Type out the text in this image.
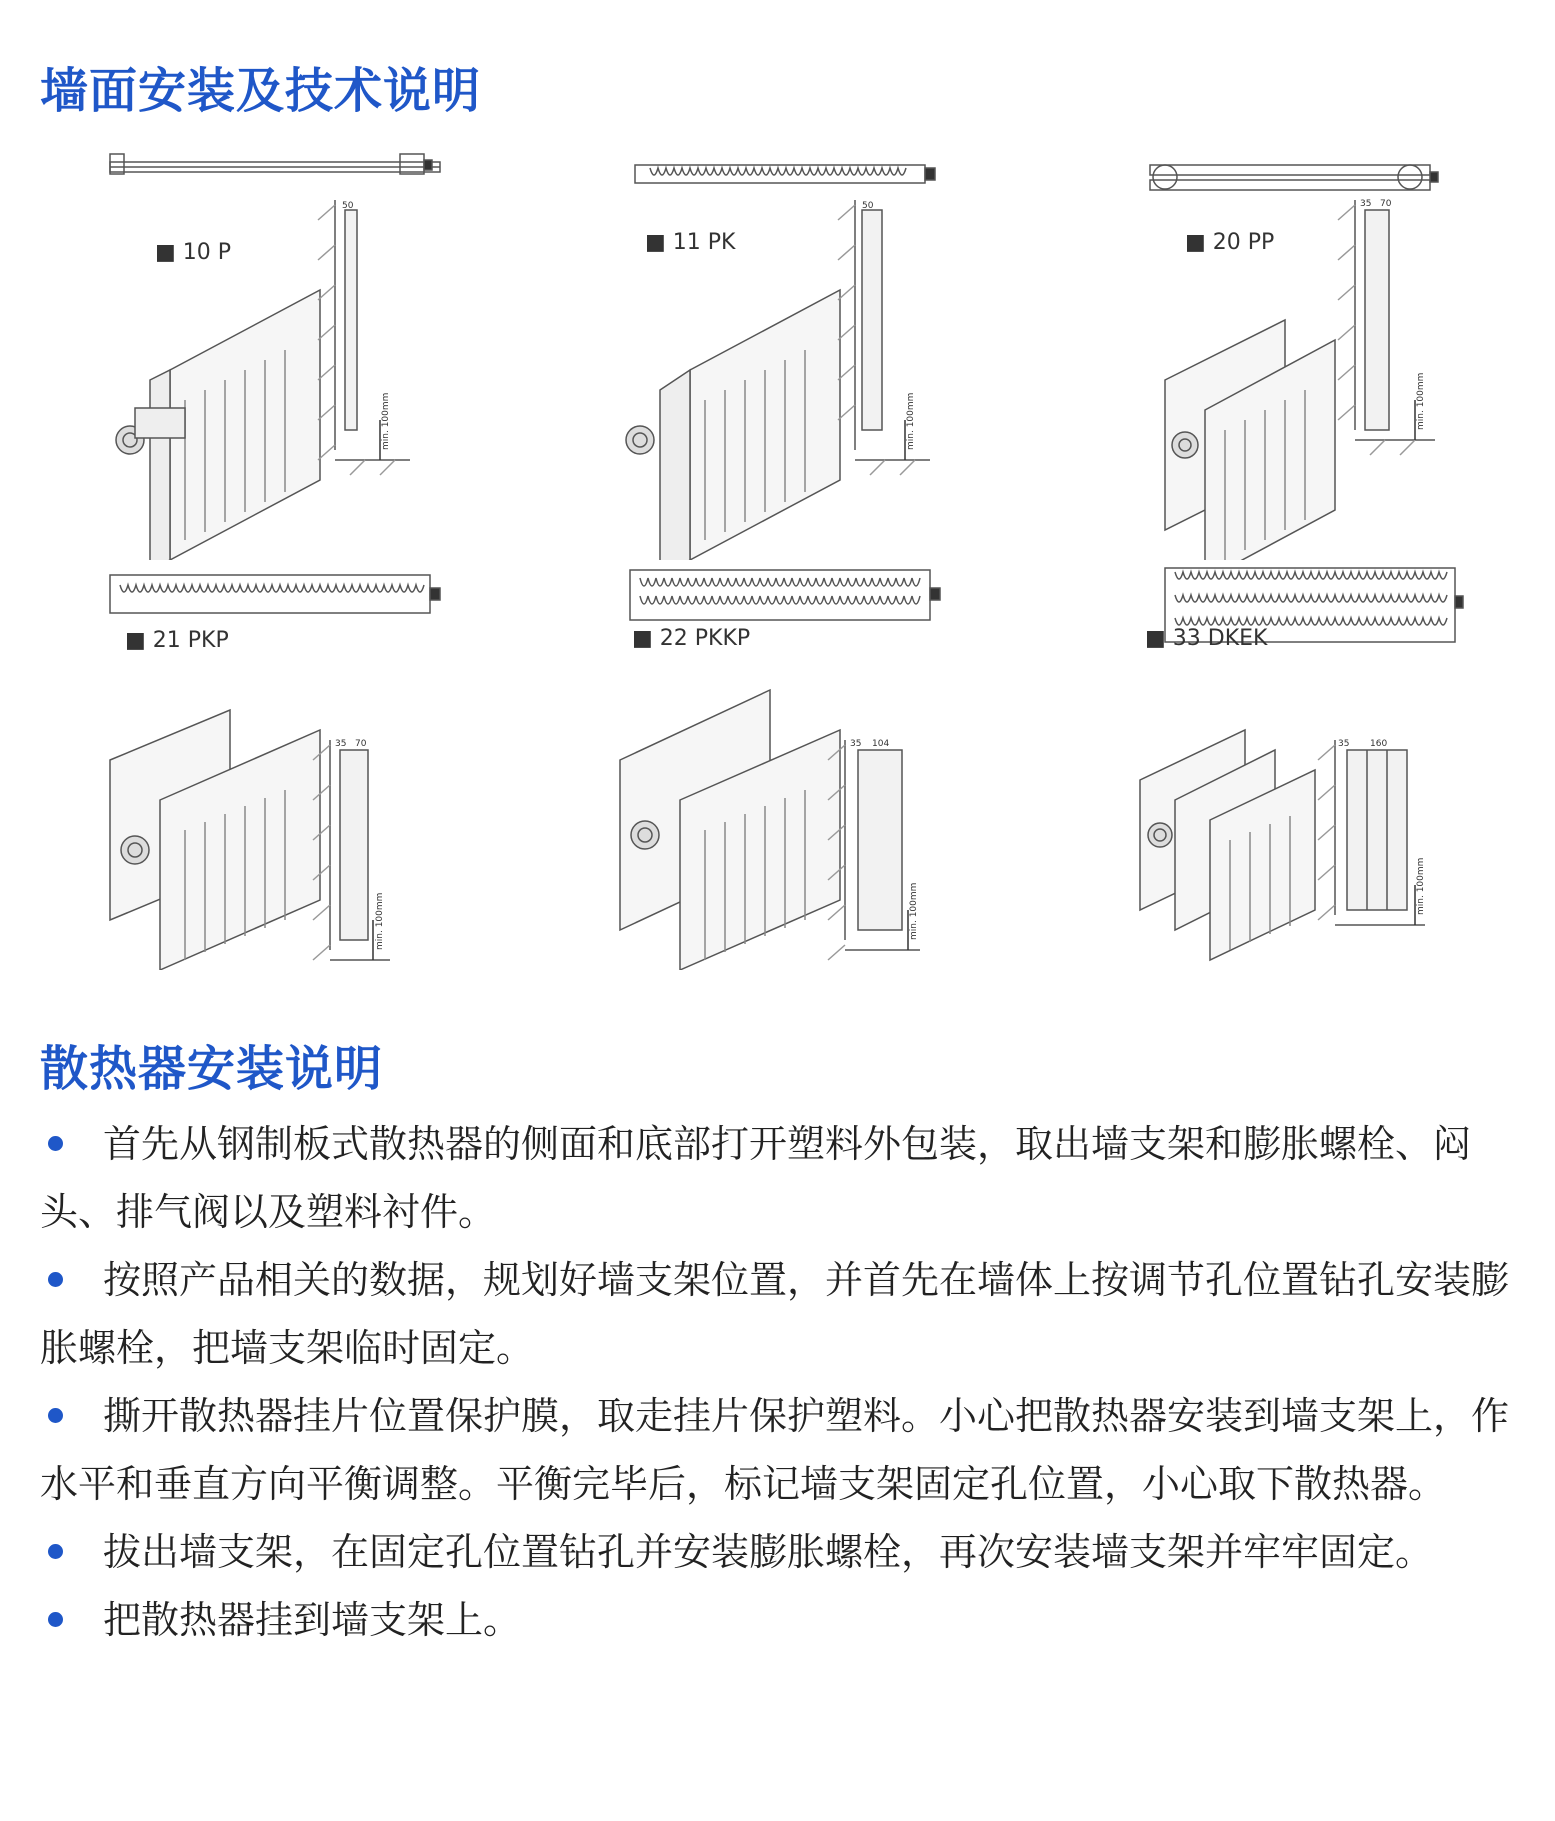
墙面安装及技术说明
50
min. 100mm
■ 10 P
50
min. 100mm
■ 11 PK
35 70
min. 100mm
■ 20 PP
35 70
min. 100mm
■ 21 PKP
35 104
min. 100mm
■ 22 PKKP
35 160
min. 100mm
■ 33 DKEK
散热器安装说明

首先从钢制板式散热器的侧面和底部打开塑料外包装，取出墙支架和膨胀螺栓、闷头、排气阀以及塑料衬件。

按照产品相关的数据，规划好墙支架位置，并首先在墙体上按调节孔位置钻孔安装膨胀螺栓，把墙支架临时固定。

撕开散热器挂片位置保护膜，取走挂片保护塑料。小心把散热器安装到墙支架上，作水平和垂直方向平衡调整。平衡完毕后，标记墙支架固定孔位置，小心取下散热器。

拔出墙支架，在固定孔位置钻孔并安装膨胀螺栓，再次安装墙支架并牢牢固定。

把散热器挂到墙支架上。
